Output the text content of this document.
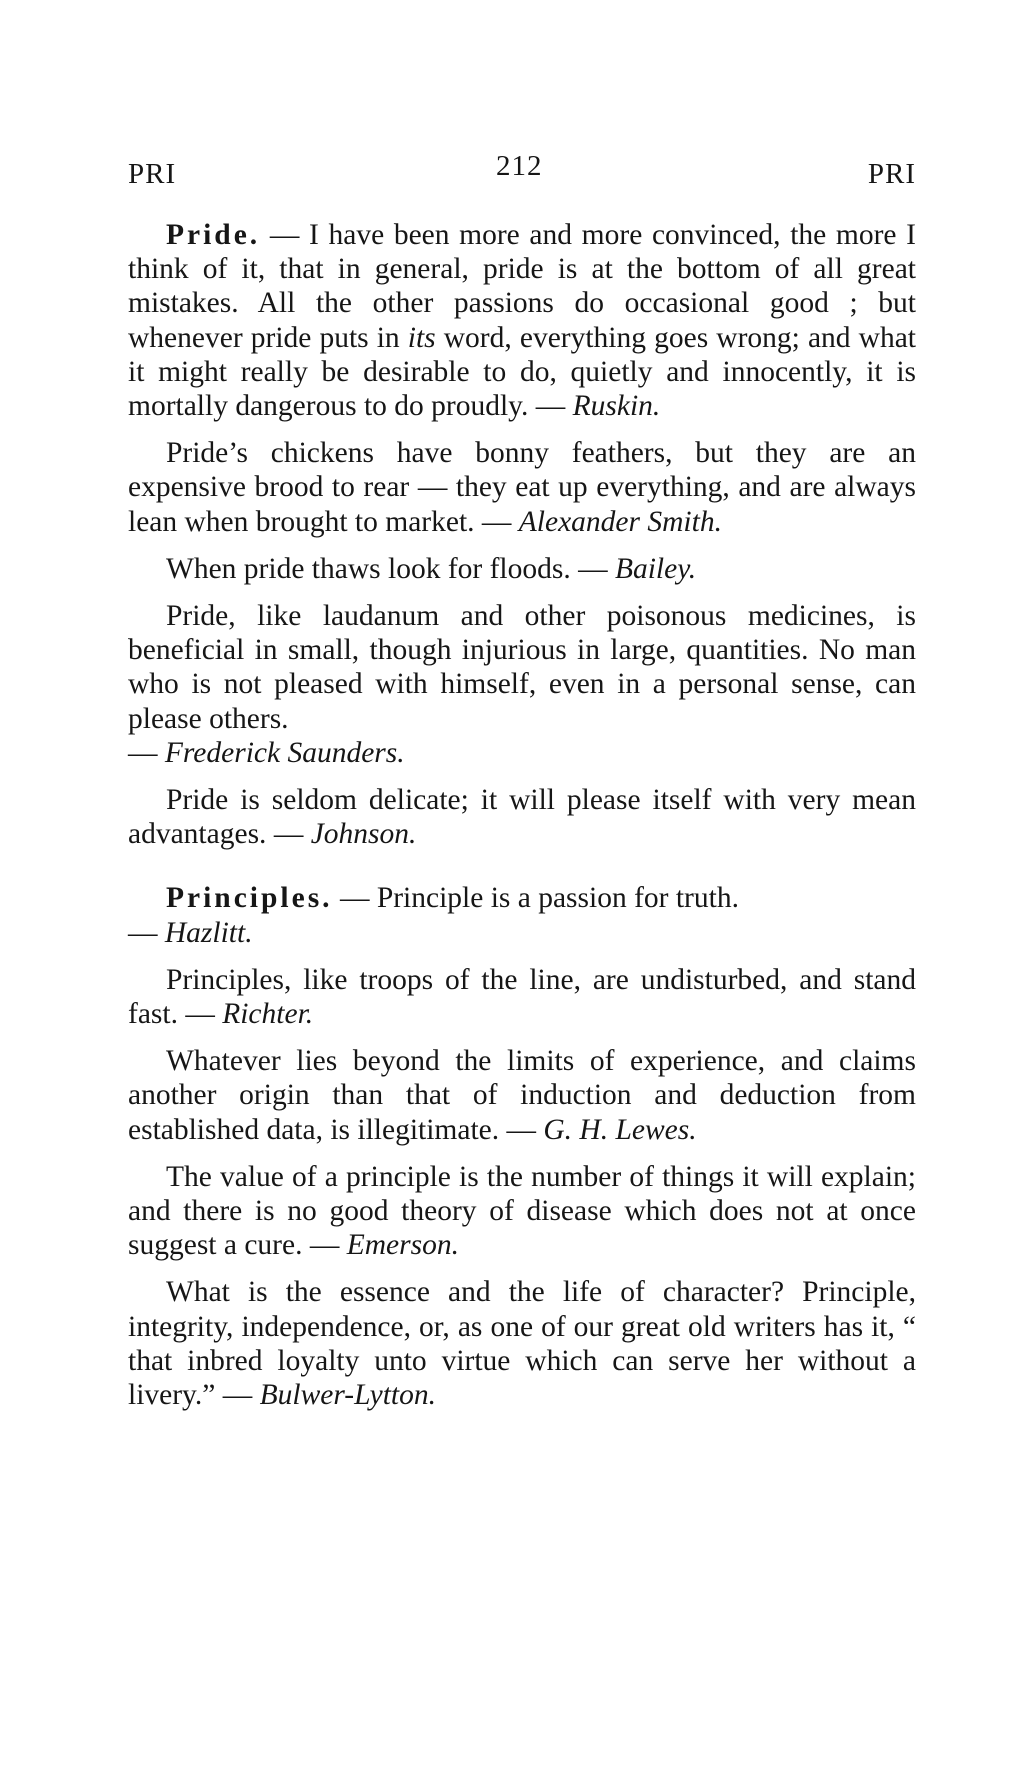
PRI	212	PRI

Pride. — I have been more and more convinced, the more I think of it, that in general, pride is at the bottom of all great mistakes. All the other passions do occasional good ; but whenever pride puts in its word, everything goes wrong; and what it might really be desirable to do, quietly and innocently, it is mortally dangerous to do proudly. — Ruskin.

Pride’s chickens have bonny feathers, but they are an expensive brood to rear — they eat up everything, and are always lean when brought to market. — Alexander Smith.

When pride thaws look for floods. — Bailey.

Pride, like laudanum and other poisonous medicines, is beneficial in small, though injurious in large, quantities. No man who is not pleased with himself, even in a personal sense, can please others.
— Frederick Saunders.

Pride is seldom delicate; it will please itself with very mean advantages. — Johnson.

Principles. — Principle is a passion for truth.
— Hazlitt.

Principles, like troops of the line, are undisturbed, and stand fast. — Richter.

Whatever lies beyond the limits of experience, and claims another origin than that of induction and deduction from established data, is illegitimate. — G. H. Lewes.

The value of a principle is the number of things it will explain; and there is no good theory of disease which does not at once suggest a cure. — Emerson.

What is the essence and the life of character? Principle, integrity, independence, or, as one of our great old writers has it, “ that inbred loyalty unto virtue which can serve her without a livery.” — Bulwer-Lytton.
